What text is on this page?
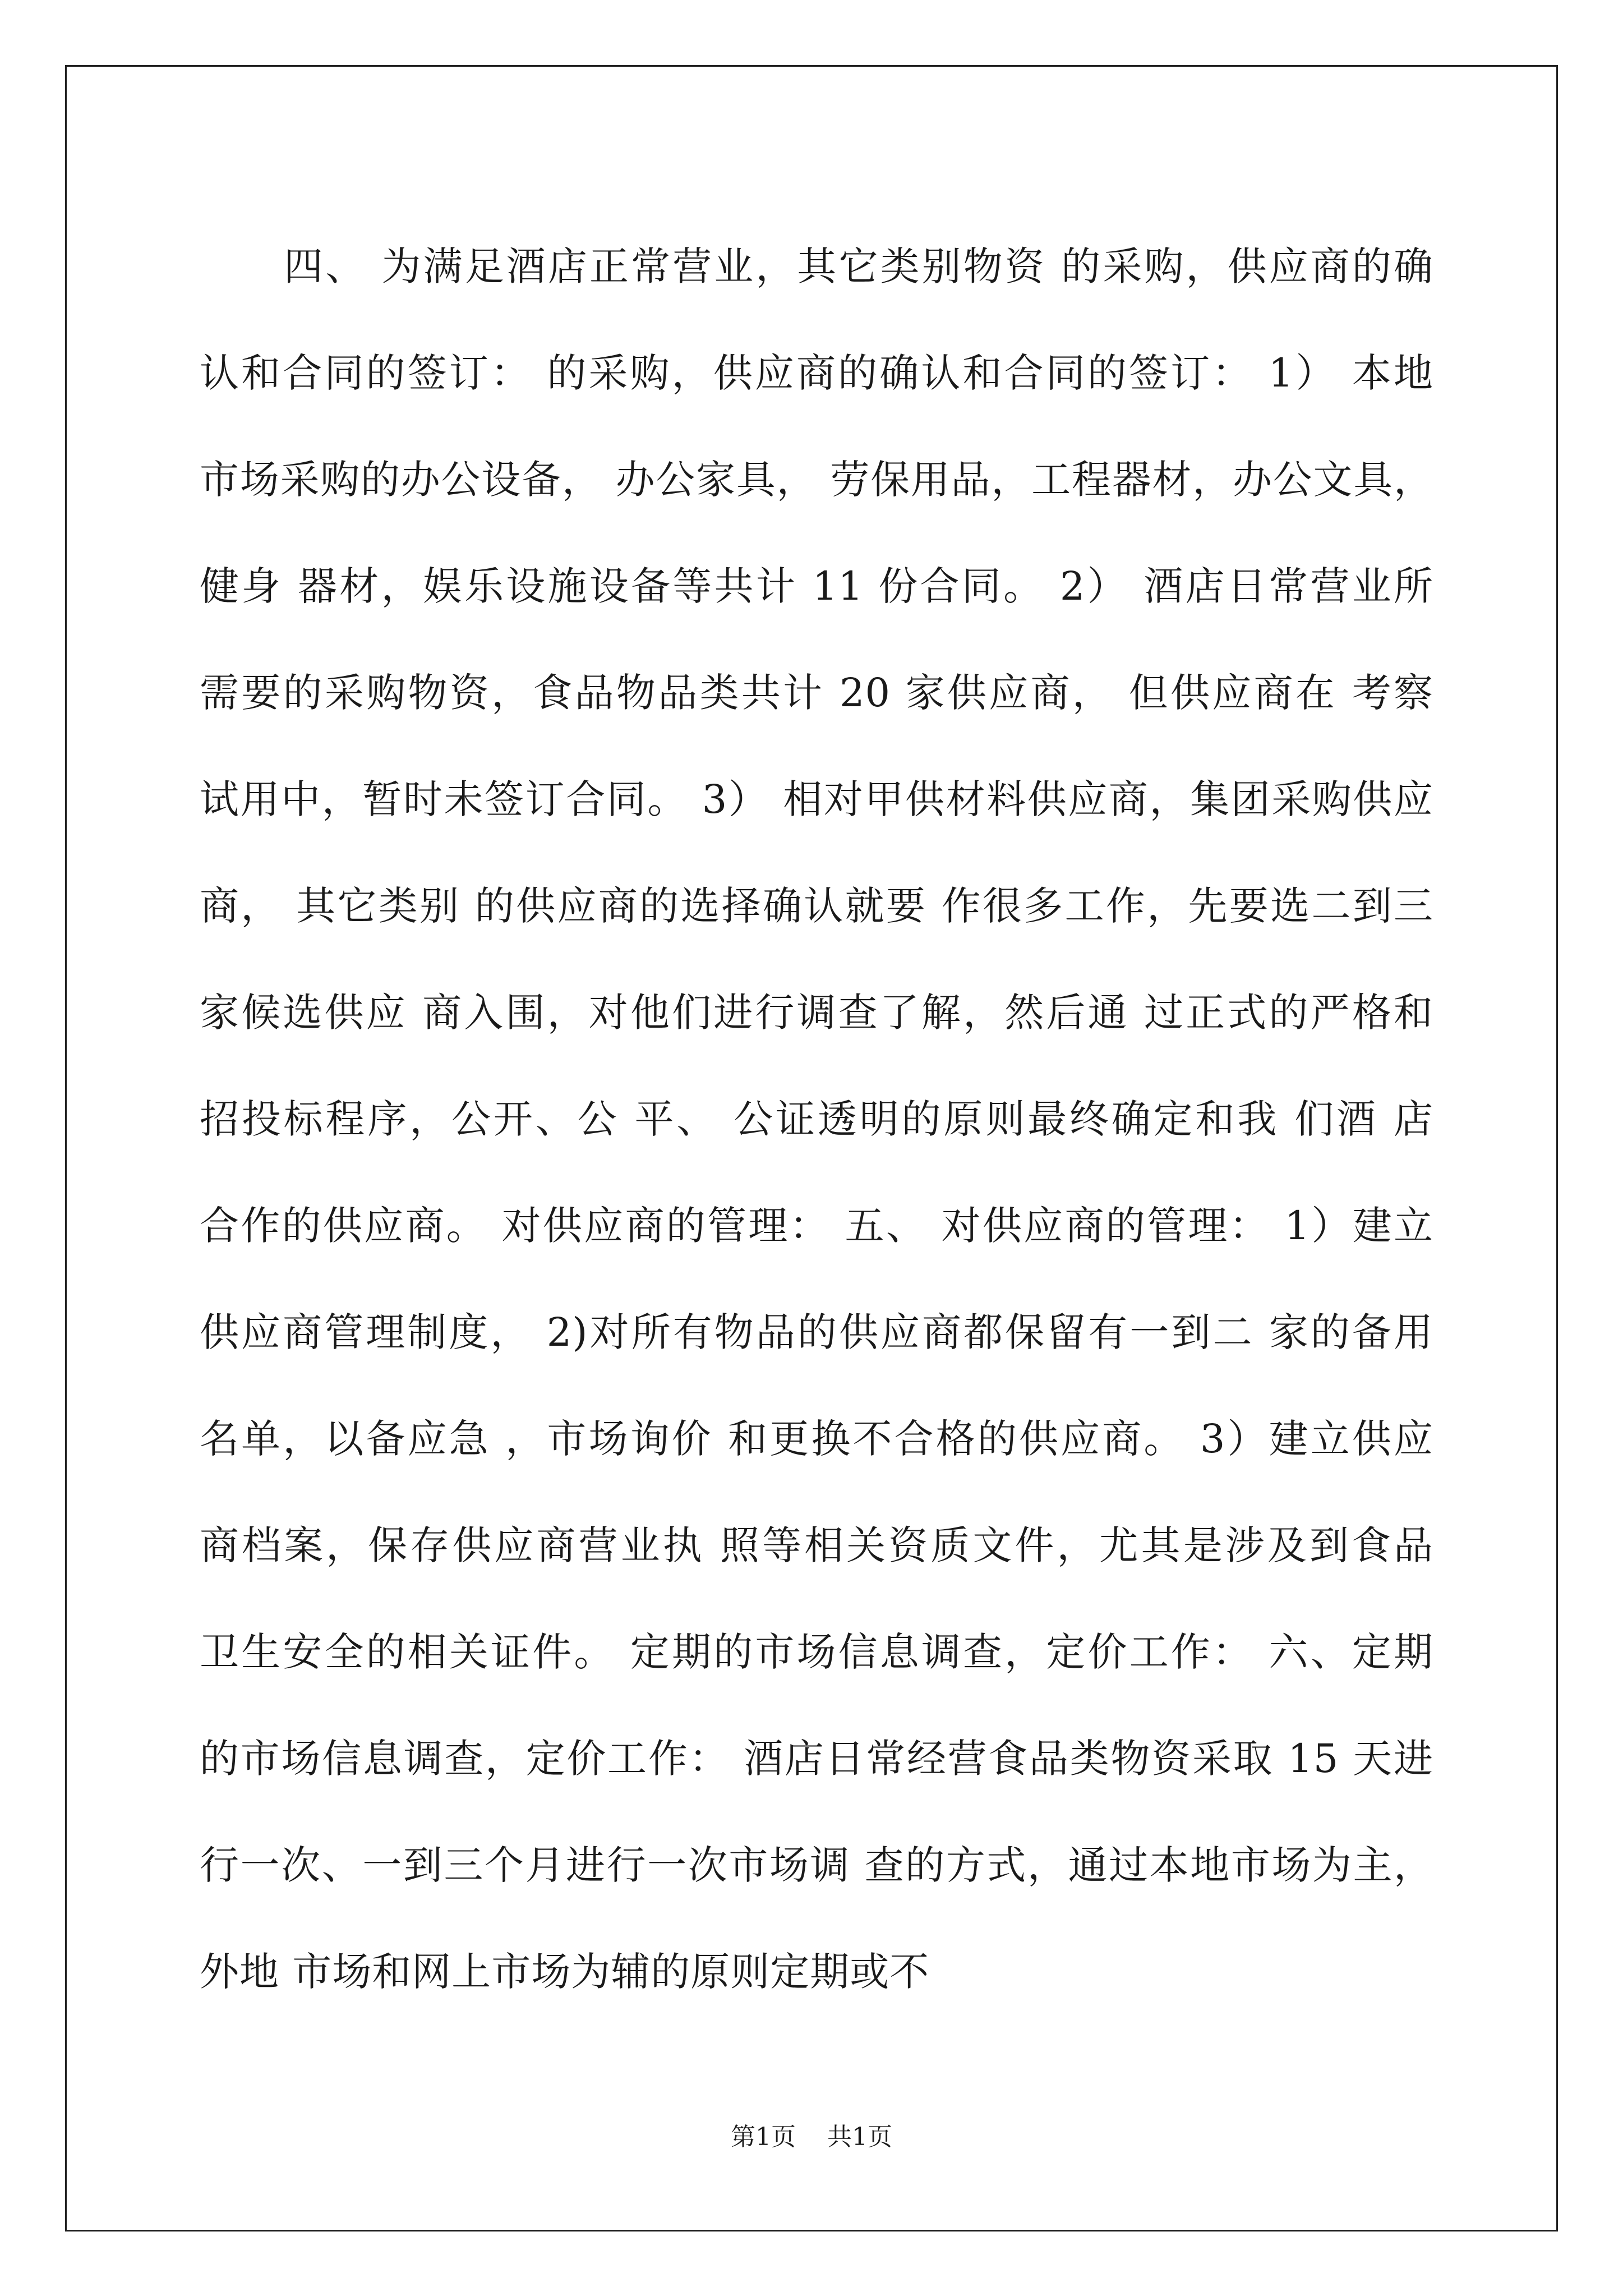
四、 为满足酒店正常营业，其它类别物资 的采购，供应商的确
认和合同的签订： 的采购，供应商的确认和合同的签订： 1） 本地
市场采购的办公设备， 办公家具， 劳保用品，工程器材，办公文具，
健身 器材，娱乐设施设备等共计 11 份合同。 2） 酒店日常营业所
需要的采购物资，食品物品类共计 20 家供应商， 但供应商在 考察
试用中，暂时未签订合同。 3） 相对甲供材料供应商，集团采购供应
商， 其它类别 的供应商的选择确认就要 作很多工作，先要选二到三
家候选供应 商入围，对他们进行调查了解，然后通 过正式的严格和
招投标程序，公开、公 平、 公证透明的原则最终确定和我 们酒 店
合作的供应商。 对供应商的管理： 五、 对供应商的管理： 1）建立
供应商管理制度， 2)对所有物品的供应商都保留有一到二 家的备用
名单，以备应急 ，市场询价 和更换不合格的供应商。 3）建立供应
商档案，保存供应商营业执 照等相关资质文件，尤其是涉及到食品
卫生安全的相关证件。 定期的市场信息调查，定价工作： 六、定期
的市场信息调查，定价工作： 酒店日常经营食品类物资采取 15 天进
行一次、一到三个月进行一次市场调 查的方式，通过本地市场为主，
外地 市场和网上市场为辅的原则定期或不
第1页 共1页
